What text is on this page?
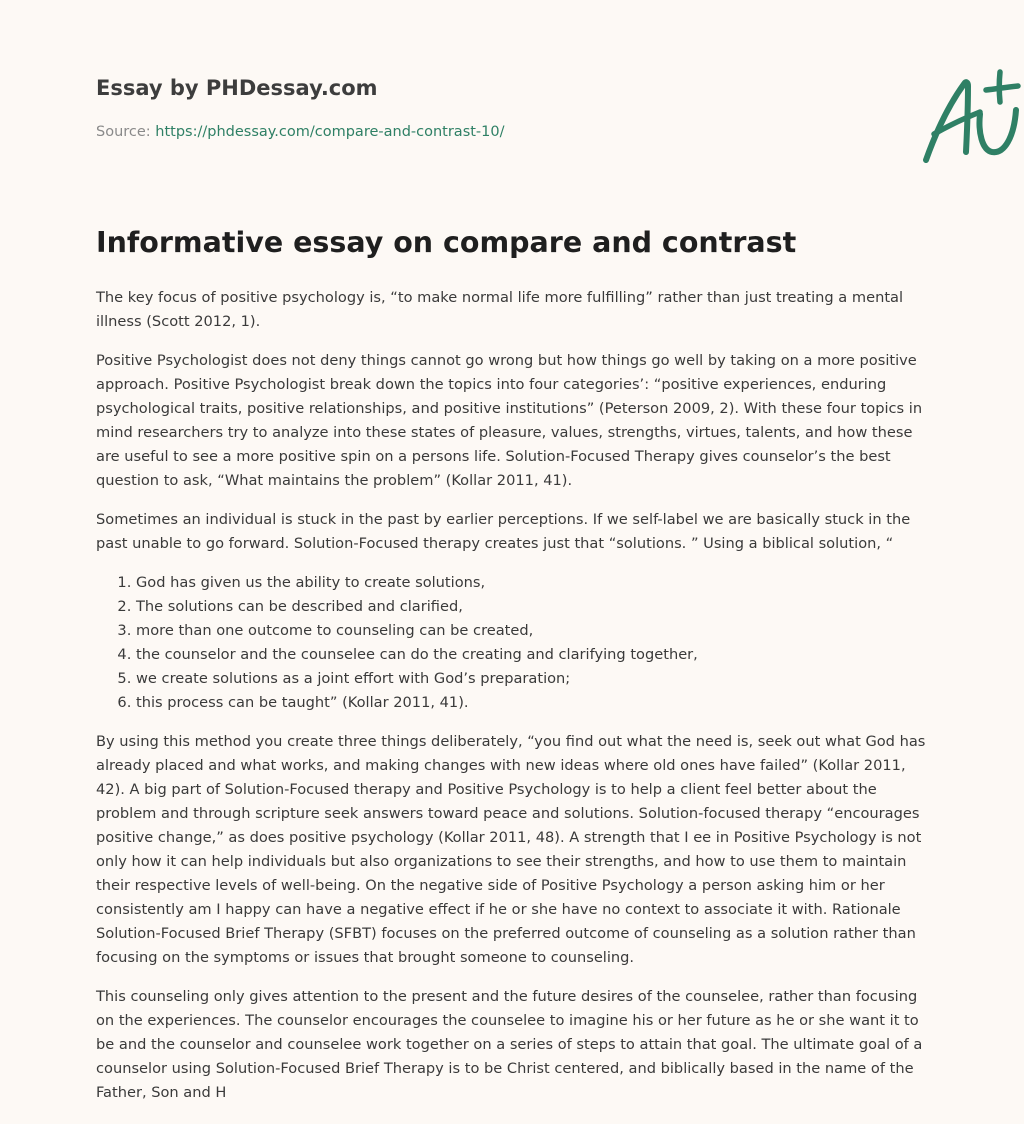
Essay by PHDessay.com
Source: https://phdessay.com/compare-and-contrast-10/
Informative essay on compare and contrast

The key focus of positive psychology is, “to make normal life more fulfilling” rather than just treating a mental illness (Scott 2012, 1).

Positive Psychologist does not deny things cannot go wrong but how things go well by taking on a more positive approach. Positive Psychologist break down the topics into four categories’: “positive experiences, enduring psychological traits, positive relationships, and positive institutions” (Peterson 2009, 2). With these four topics in mind researchers try to analyze into these states of pleasure, values, strengths, virtues, talents, and how these are useful to see a more positive spin on a persons life. Solution-Focused Therapy gives counselor’s the best question to ask, “What maintains the problem” (Kollar 2011, 41).

Sometimes an individual is stuck in the past by earlier perceptions. If we self-label we are basically stuck in the past unable to go forward. Solution-Focused therapy creates just that “solutions. ” Using a biblical solution, “

1. God has given us the ability to create solutions,
2. The solutions can be described and clarified,
3. more than one outcome to counseling can be created,
4. the counselor and the counselee can do the creating and clarifying together,
5. we create solutions as a joint effort with God’s preparation;
6. this process can be taught” (Kollar 2011, 41).

By using this method you create three things deliberately, “you find out what the need is, seek out what God has already placed and what works, and making changes with new ideas where old ones have failed” (Kollar 2011, 42). A big part of Solution-Focused therapy and Positive Psychology is to help a client feel better about the problem and through scripture seek answers toward peace and solutions. Solution-focused therapy “encourages positive change,” as does positive psychology (Kollar 2011, 48). A strength that I ee in Positive Psychology is not only how it can help individuals but also organizations to see their strengths, and how to use them to maintain their respective levels of well-being. On the negative side of Positive Psychology a person asking him or her consistently am I happy can have a negative effect if he or she have no context to associate it with. Rationale Solution-Focused Brief Therapy (SFBT) focuses on the preferred outcome of counseling as a solution rather than focusing on the symptoms or issues that brought someone to counseling.

This counseling only gives attention to the present and the future desires of the counselee, rather than focusing on the experiences. The counselor encourages the counselee to imagine his or her future as he or she want it to be and the counselor and counselee work together on a series of steps to attain that goal. The ultimate goal of a counselor using Solution-Focused Brief Therapy is to be Christ centered, and biblically based in the name of the Father, Son and H
